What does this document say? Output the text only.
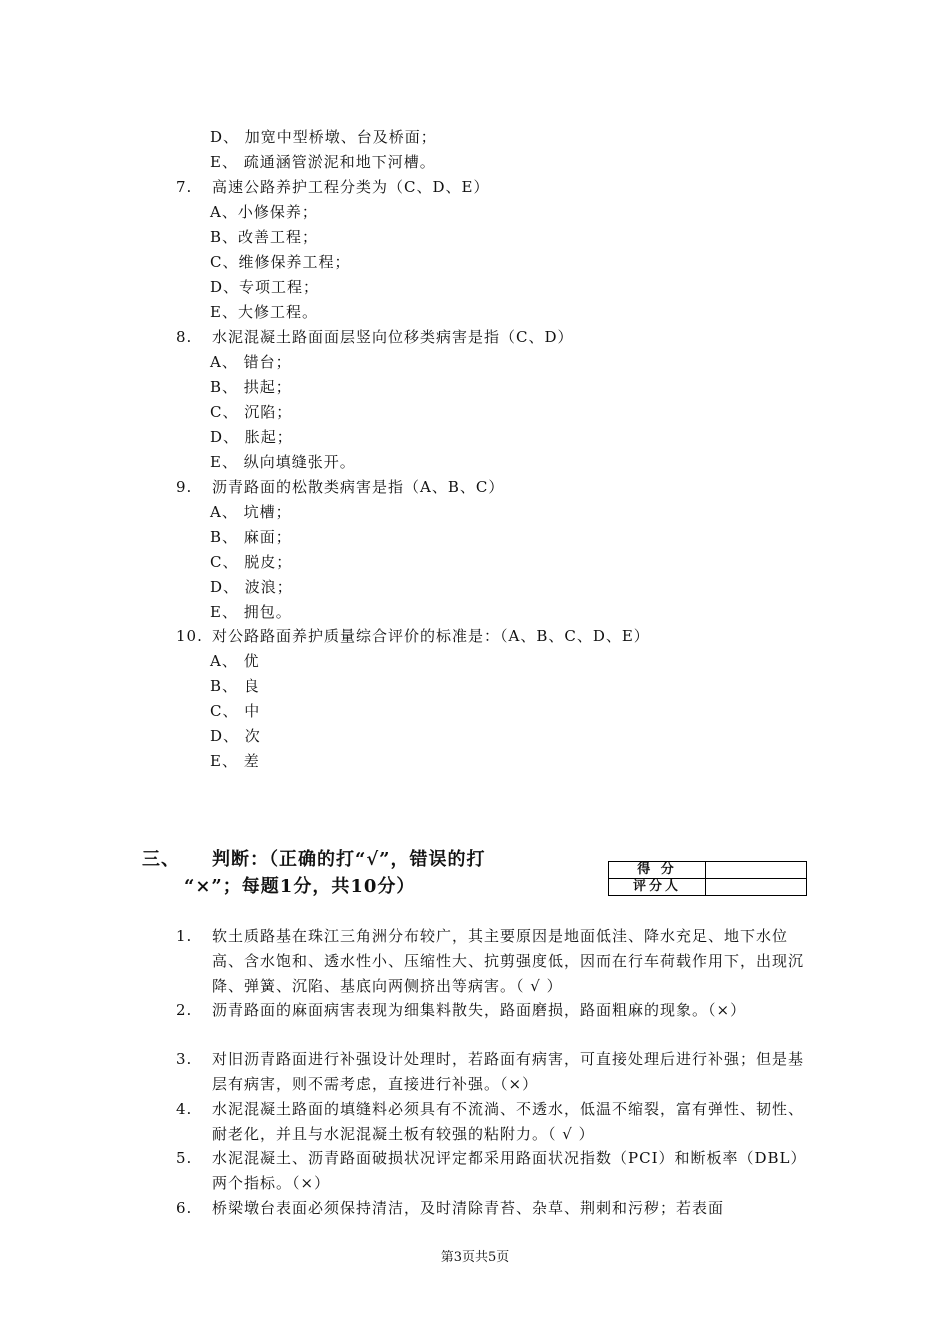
D、 加宽中型桥墩、台及桥面；
E、 疏通涵管淤泥和地下河槽。
7. 高速公路养护工程分类为（C、D、E）
A、小修保养；
B、改善工程；
C、维修保养工程；
D、专项工程；
E、大修工程。
8. 水泥混凝土路面面层竖向位移类病害是指（C、D）
A、 错台；
B、 拱起；
C、 沉陷；
D、 胀起；
E、 纵向填缝张开。
9. 沥青路面的松散类病害是指（A、B、C）
A、 坑槽；
B、 麻面；
C、 脱皮；
D、 波浪；
E、 拥包。
10. 对公路路面养护质量综合评价的标准是：（A、B、C、D、E）
A、 优
B、 良
C、 中
D、 次
E、 差
三、 判断：（正确的打“√”，错误的打
“×”；每题1分，共10分）
得 分	
评分人	
1.	软土质路基在珠江三角洲分布较广，其主要原因是地面低洼、降水充足、地下水位高、含水饱和、透水性小、压缩性大、抗剪强度低，因而在行车荷载作用下，出现沉降、弹簧、沉陷、基底向两侧挤出等病害。（ √ ）
2.	沥青路面的麻面病害表现为细集料散失，路面磨损，路面粗麻的现象。（×）
3.	对旧沥青路面进行补强设计处理时，若路面有病害，可直接处理后进行补强；但是基层有病害，则不需考虑，直接进行补强。（×）
4.	水泥混凝土路面的填缝料必须具有不流淌、不透水，低温不缩裂，富有弹性、韧性、耐老化，并且与水泥混凝土板有较强的粘附力。（ √ ）
5.	水泥混凝土、沥青路面破损状况评定都采用路面状况指数（PCI）和断板率（DBL）两个指标。（×）
6.	桥梁墩台表面必须保持清洁，及时清除青苔、杂草、荆刺和污秽；若表面
第3页共5页
